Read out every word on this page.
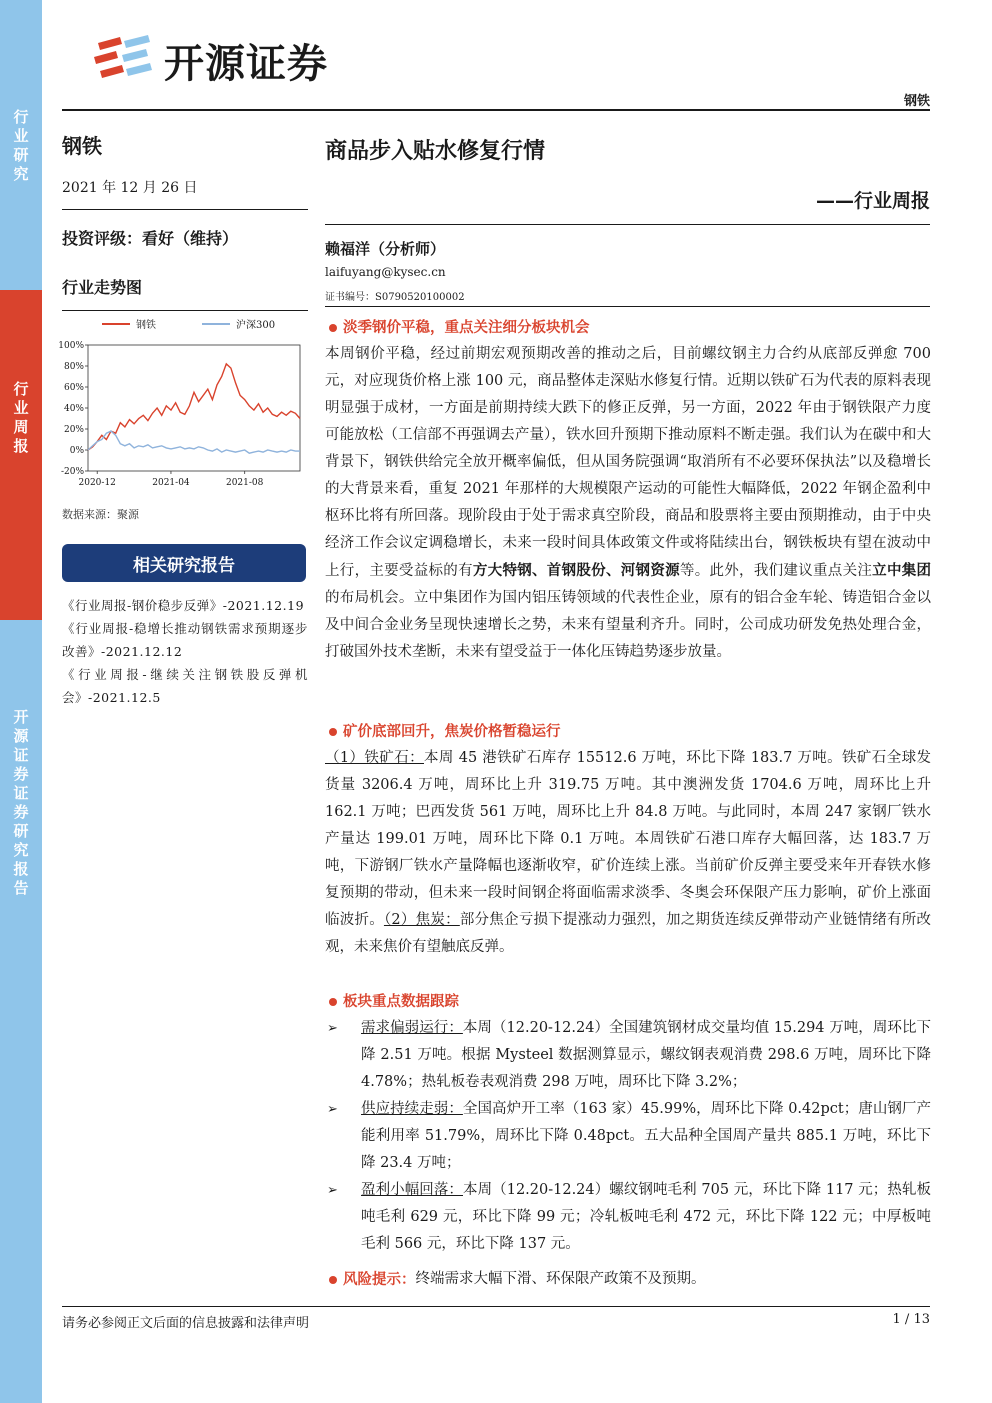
行业研究
行业周报
开源证券 证券研究报告
开源证券
钢铁
钢铁
2021 年 12 月 26 日
投资评级：看好（维持）
行业走势图
100%
80%
60%
40%
20%
0%
-20%
2020-12	2021-04	2021-08
钢铁	沪深300
数据来源：聚源
相关研究报告

《行业周报-钢价稳步反弹》-2021.12.19

《行业周报-稳增长推动钢铁需求预期逐步改善》-2021.12.12

《行业周报-继续关注钢铁股反弹机会》-2021.12.5

商品步入贴水修复行情
——行业周报
赖福洋（分析师）
laifuyang@kysec.cn
证书编号：S0790520100002
淡季钢价平稳，重点关注细分板块机会

本周钢价平稳，经过前期宏观预期改善的推动之后，目前螺纹钢主力合约从底部反弹愈 700 元，对应现货价格上涨 100 元，商品整体走深贴水修复行情。近期以铁矿石为代表的原料表现明显强于成材，一方面是前期持续大跌下的修正反弹，另一方面，2022 年由于钢铁限产力度可能放松（工信部不再强调去产量），铁水回升预期下推动原料不断走强。我们认为在碳中和大背景下，钢铁供给完全放开概率偏低，但从国务院强调“取消所有不必要环保执法”以及稳增长的大背景来看，重复 2021 年那样的大规模限产运动的可能性大幅降低，2022 年钢企盈利中枢环比将有所回落。现阶段由于处于需求真空阶段，商品和股票将主要由预期推动，由于中央经济工作会议定调稳增长，未来一段时间具体政策文件或将陆续出台，钢铁板块有望在波动中上行，主要受益标的有方大特钢、首钢股份、河钢资源等。此外，我们建议重点关注立中集团的布局机会。立中集团作为国内铝压铸领域的代表性企业，原有的铝合金车轮、铸造铝合金以及中间合金业务呈现快速增长之势，未来有望量利齐升。同时，公司成功研发免热处理合金，打破国外技术垄断，未来有望受益于一体化压铸趋势逐步放量。

矿价底部回升，焦炭价格暂稳运行

（1）铁矿石：本周 45 港铁矿石库存 15512.6 万吨，环比下降 183.7 万吨。铁矿石全球发货量 3206.4 万吨，周环比上升 319.75 万吨。其中澳洲发货 1704.6 万吨，周环比上升 162.1 万吨；巴西发货 561 万吨，周环比上升 84.8 万吨。与此同时，本周 247 家钢厂铁水产量达 199.01 万吨，周环比下降 0.1 万吨。本周铁矿石港口库存大幅回落，达 183.7 万吨，下游钢厂铁水产量降幅也逐渐收窄，矿价连续上涨。当前矿价反弹主要受来年开春铁水修复预期的带动，但未来一段时间钢企将面临需求淡季、冬奥会环保限产压力影响，矿价上涨面临波折。（2）焦炭：部分焦企亏损下提涨动力强烈，加之期货连续反弹带动产业链情绪有所改观，未来焦价有望触底反弹。

板块重点数据跟踪
➢ 需求偏弱运行：本周（12.20-12.24）全国建筑钢材成交量均值 15.294 万吨，周环比下降 2.51 万吨。根据 Mysteel 数据测算显示，螺纹钢表观消费 298.6 万吨，周环比下降 4.78%；热轧板卷表观消费 298 万吨，周环比下降 3.2%；
➢ 供应持续走弱：全国高炉开工率（163 家）45.99%，周环比下降 0.42pct；唐山钢厂产能利用率 51.79%，周环比下降 0.48pct。五大品种全国周产量共 885.1 万吨，环比下降 23.4 万吨；
➢ 盈利小幅回落：本周（12.20-12.24）螺纹钢吨毛利 705 元，环比下降 117 元；热轧板吨毛利 629 元，环比下降 99 元；冷轧板吨毛利 472 元，环比下降 122 元；中厚板吨毛利 566 元，环比下降 137 元。
风险提示： 终端需求大幅下滑、环保限产政策不及预期。
请务必参阅正文后面的信息披露和法律声明	1 / 13
